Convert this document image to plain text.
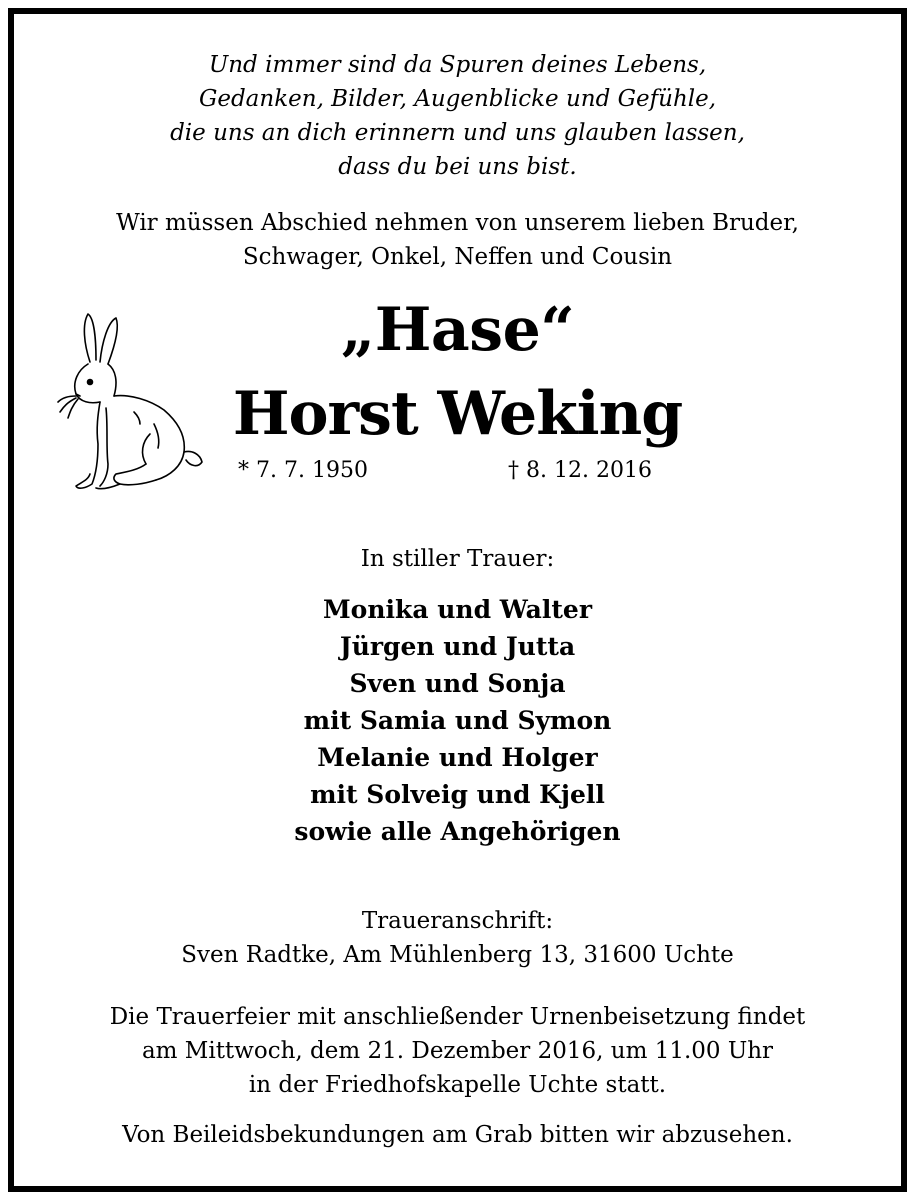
Und immer sind da Spuren deines Lebens,
Gedanken, Bilder, Augenblicke und Gefühle,
die uns an dich erinnern und uns glauben lassen,
dass du bei uns bist.
Wir müssen Abschied nehmen von unserem lieben Bruder,
Schwager, Onkel, Neffen und Cousin
„Hase“
Horst Weking
* 7. 7. 1950	† 8. 12. 2016
In stiller Trauer:
Monika und Walter
Jürgen und Jutta
Sven und Sonja
mit Samia und Symon
Melanie und Holger
mit Solveig und Kjell
sowie alle Angehörigen
Traueranschrift:
Sven Radtke, Am Mühlenberg 13, 31600 Uchte
Die Trauerfeier mit anschließender Urnenbeisetzung findet
am Mittwoch, dem 21. Dezember 2016, um 11.00 Uhr
in der Friedhofskapelle Uchte statt.
Von Beileidsbekundungen am Grab bitten wir abzusehen.
